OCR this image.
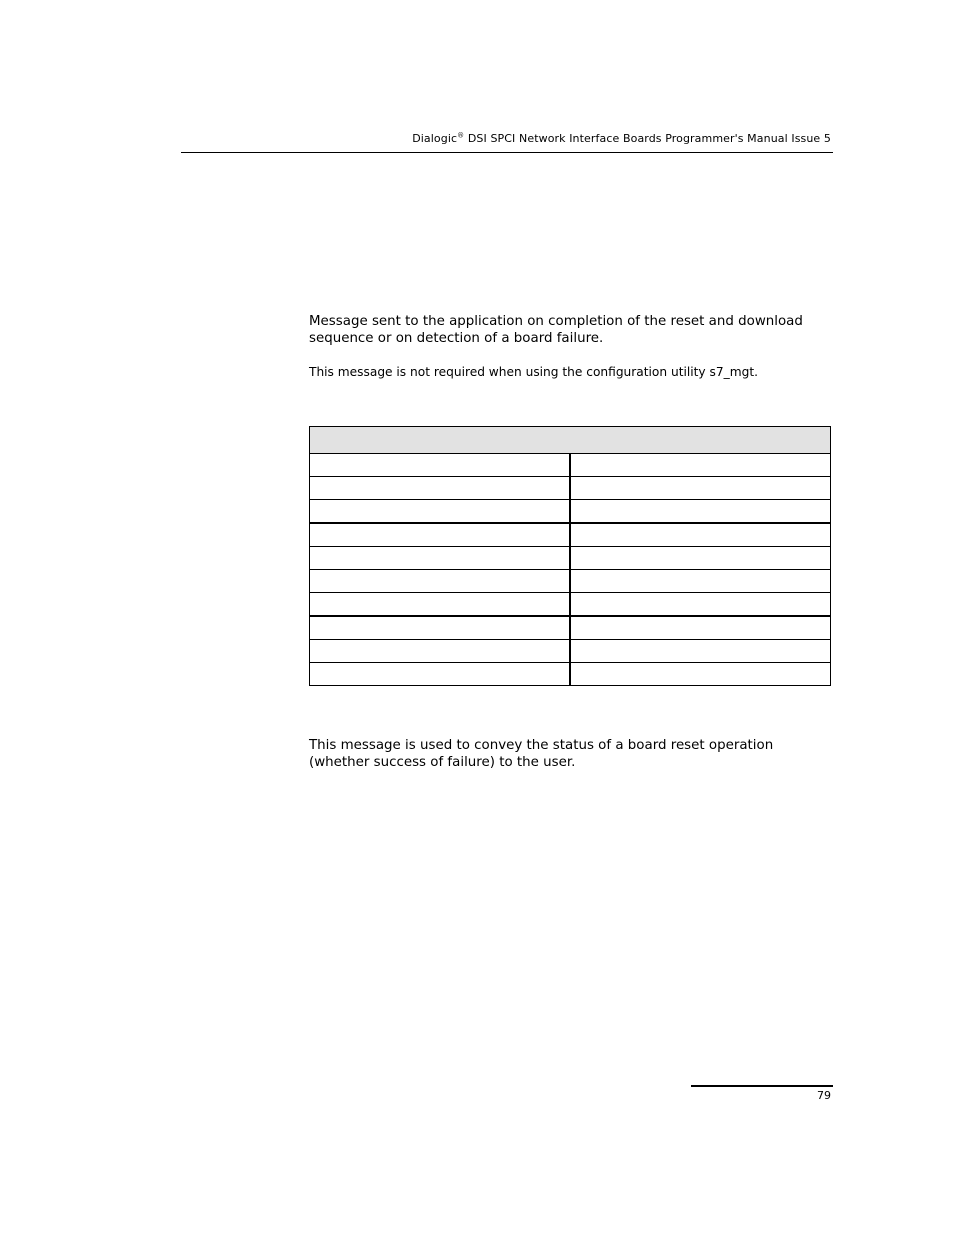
Dialogic® DSI SPCI Network Interface Boards Programmer's Manual Issue 5

Message sent to the application on completion of the reset and download sequence or on detection of a board failure.

This message is not required when using the configuration utility s7_mgt.

This message is used to convey the status of a board reset operation (whether success of failure) to the user.

79
